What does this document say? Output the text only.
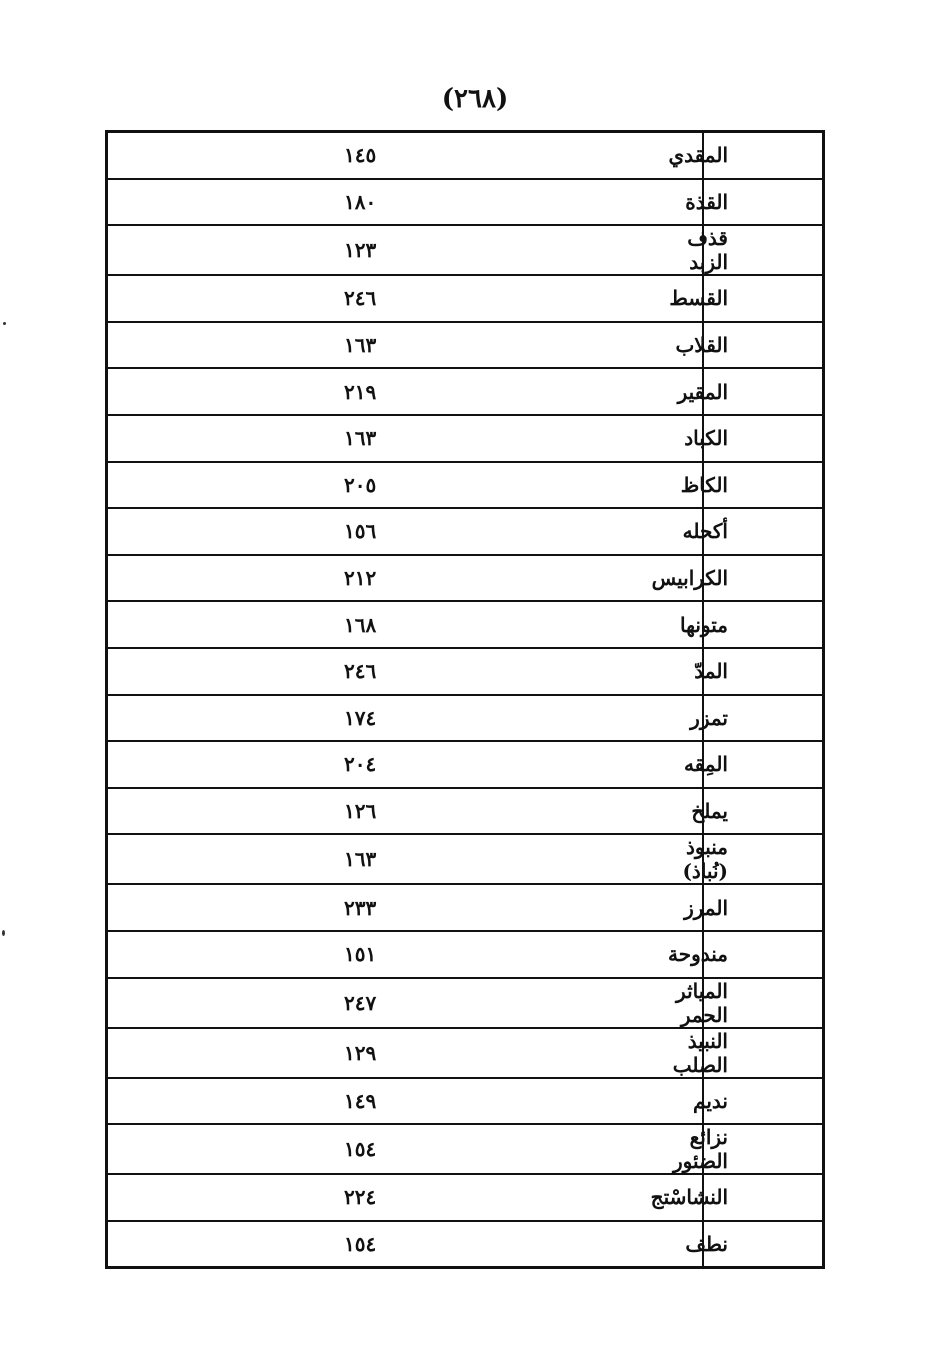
(٢٦٨)
١٤٥	المقدي
١٨٠	القذة
١٢٣	قذف الزبد
٢٤٦	القسط
١٦٣	القلاب
٢١٩	المقير
١٦٣	الكباد
٢٠٥	الكاظ
١٥٦	أكحله
٢١٢	الكرابيس
١٦٨	متونها
٢٤٦	المدّ
١٧٤	تمزر
٢٠٤	المِقه
١٢٦	يملخ
١٦٣	منبوذ (نُباذ)
٢٣٣	المرز
١٥١	مندوحة
٢٤٧	المياثر الحمر
١٢٩	النبيذ الصلب
١٤٩	نديم
١٥٤	نزائع الضئور
٢٢٤	النشاسْتج
١٥٤	نطف
